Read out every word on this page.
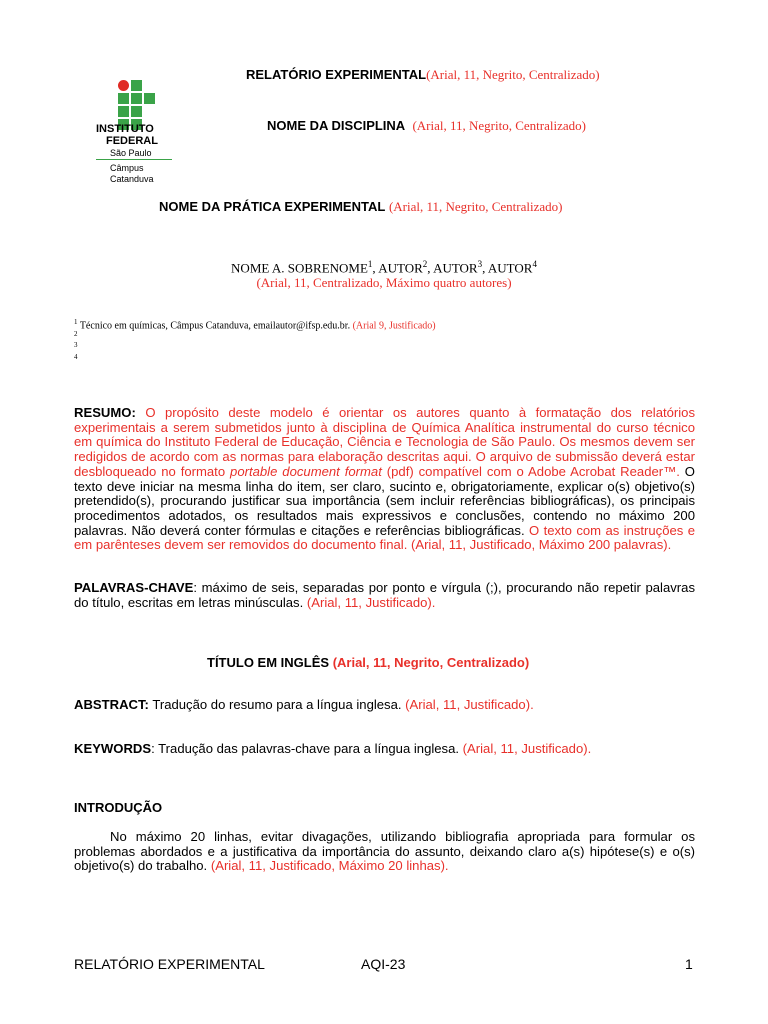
INSTITUTO
FEDERAL
São Paulo
Câmpus
Catanduva
RELATÓRIO EXPERIMENTAL(Arial, 11, Negrito, Centralizado)
NOME DA DISCIPLINA (Arial, 11, Negrito, Centralizado)
NOME DA PRÁTICA EXPERIMENTAL (Arial, 11, Negrito, Centralizado)
NOME A. SOBRENOME$^1$, AUTOR$^2$, AUTOR$^3$, AUTOR$^4$
(Arial, 11, Centralizado, Máximo quatro autores)
$^1$ Técnico em químicas, Câmpus Catanduva, emailautor@ifsp.edu.br. (Arial 9, Justificado)
2
3
4
RESUMO: O propósito deste modelo é orientar os autores quanto à formatação dos relatórios experimentais a serem submetidos junto à disciplina de Química Analítica instrumental do curso técnico em química do Instituto Federal de Educação, Ciência e Tecnologia de São Paulo. Os mesmos devem ser redigidos de acordo com as normas para elaboração descritas aqui. O arquivo de submissão deverá estar desbloqueado no formato portable document format (pdf) compatível com o Adobe Acrobat Reader™. O texto deve iniciar na mesma linha do item, ser claro, sucinto e, obrigatoriamente, explicar o(s) objetivo(s) pretendido(s), procurando justificar sua importância (sem incluir referências bibliográficas), os principais procedimentos adotados, os resultados mais expressivos e conclusões, contendo no máximo 200 palavras. Não deverá conter fórmulas e citações e referências bibliográficas. O texto com as instruções e em parênteses devem ser removidos do documento final. (Arial, 11, Justificado, Máximo 200 palavras).
PALAVRAS-CHAVE: máximo de seis, separadas por ponto e vírgula (;), procurando não repetir palavras do título, escritas em letras minúsculas. (Arial, 11, Justificado).
TÍTULO EM INGLÊS (Arial, 11, Negrito, Centralizado)
ABSTRACT: Tradução do resumo para a língua inglesa. (Arial, 11, Justificado).
KEYWORDS: Tradução das palavras-chave para a língua inglesa. (Arial, 11, Justificado).
INTRODUÇÃO
No máximo 20 linhas, evitar divagações, utilizando bibliografia apropriada para formular os problemas abordados e a justificativa da importância do assunto, deixando claro a(s) hipótese(s) e o(s) objetivo(s) do trabalho. (Arial, 11, Justificado, Máximo 20 linhas).
RELATÓRIO EXPERIMENTAL	AQI-23	1
